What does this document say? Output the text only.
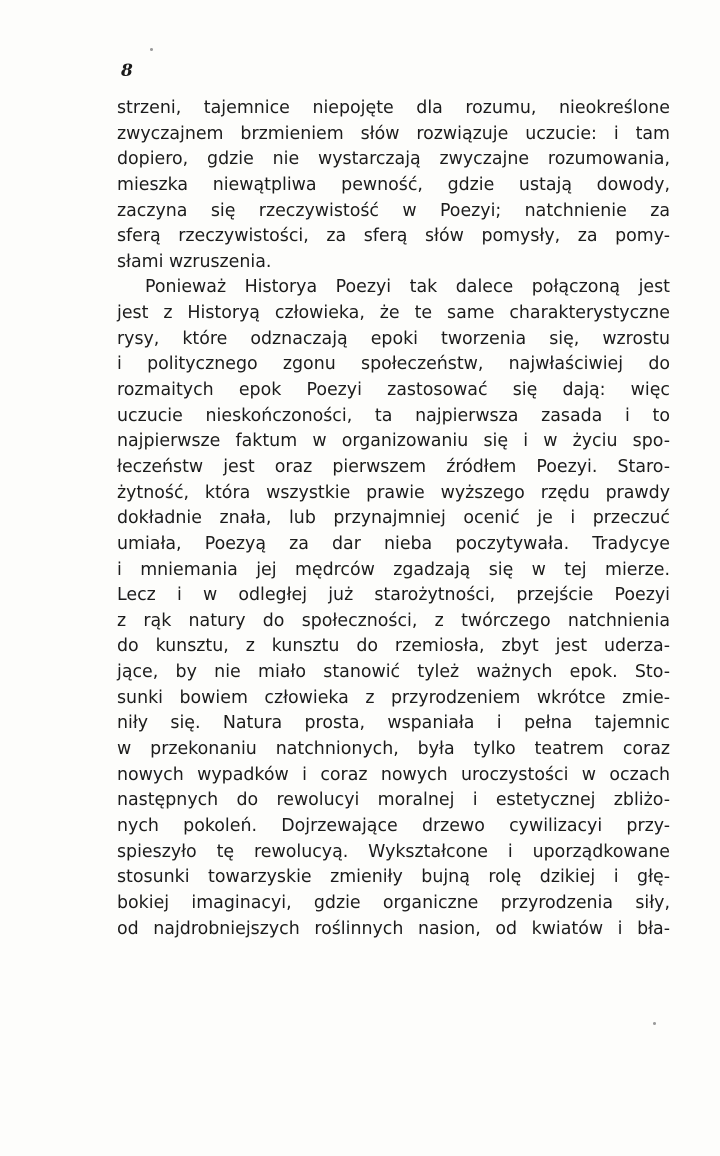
8
strzeni, tajemnice niepojęte dla rozumu, nieokreślone
zwyczajnem brzmieniem słów rozwiązuje uczucie: i tam
dopiero, gdzie nie wystarczają zwyczajne rozumowania,
mieszka niewątpliwa pewność, gdzie ustają dowody,
zaczyna się rzeczywistość w Poezyi; natchnienie za
sferą rzeczywistości, za sferą słów pomysły, za pomy-
słami wzruszenia.
Ponieważ Historya Poezyi tak dalece połączoną jest
jest z Historyą człowieka, że te same charakterystyczne
rysy, które odznaczają epoki tworzenia się, wzrostu
i politycznego zgonu społeczeństw, najwłaściwiej do
rozmaitych epok Poezyi zastosować się dają: więc
uczucie nieskończoności, ta najpierwsza zasada i to
najpierwsze faktum w organizowaniu się i w życiu spo-
łeczeństw jest oraz pierwszem źródłem Poezyi. Staro-
żytność, która wszystkie prawie wyższego rzędu prawdy
dokładnie znała, lub przynajmniej ocenić je i przeczuć
umiała, Poezyą za dar nieba poczytywała. Tradycye
i mniemania jej mędrców zgadzają się w tej mierze.
Lecz i w odległej już starożytności, przejście Poezyi
z rąk natury do społeczności, z twórczego natchnienia
do kunsztu, z kunsztu do rzemiosła, zbyt jest uderza-
jące, by nie miało stanowić tyleż ważnych epok. Sto-
sunki bowiem człowieka z przyrodzeniem wkrótce zmie-
niły się. Natura prosta, wspaniała i pełna tajemnic
w przekonaniu natchnionych, była tylko teatrem coraz
nowych wypadków i coraz nowych uroczystości w oczach
następnych do rewolucyi moralnej i estetycznej zbliżo-
nych pokoleń. Dojrzewające drzewo cywilizacyi przy-
spieszyło tę rewolucyą. Wykształcone i uporządkowane
stosunki towarzyskie zmieniły bujną rolę dzikiej i głę-
bokiej imaginacyi, gdzie organiczne przyrodzenia siły,
od najdrobniejszych roślinnych nasion, od kwiatów i bła-
